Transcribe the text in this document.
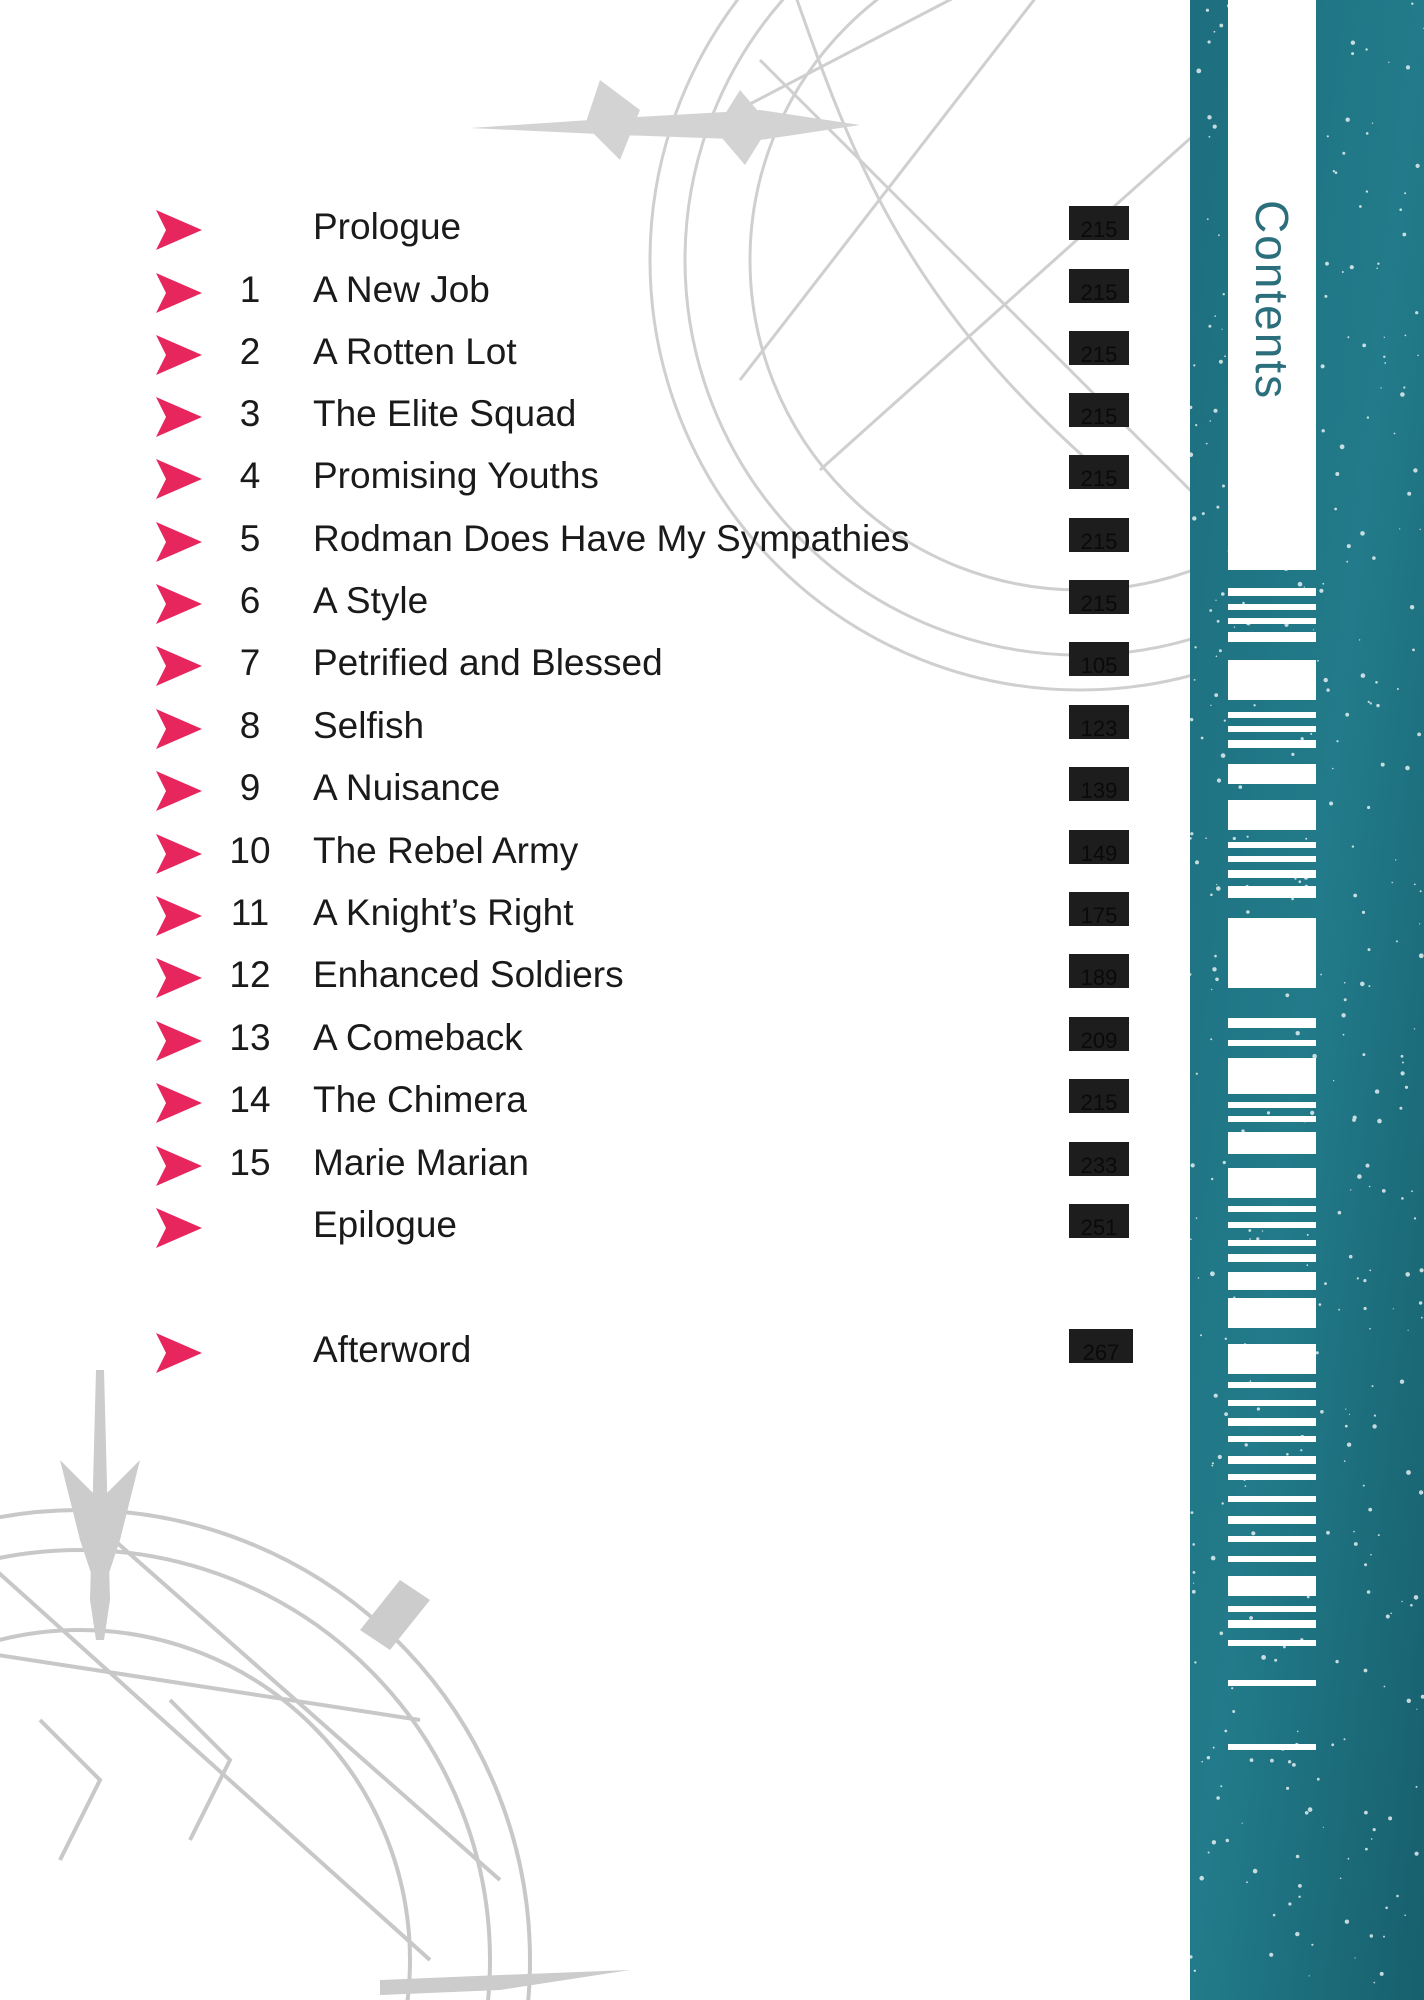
Contents
Prologue	215
1	A New Job	215
2	A Rotten Lot	215
3	The Elite Squad	215
4	Promising Youths	215
5	Rodman Does Have My Sympathies	215
6	A Style	215
7	Petrified and Blessed	105
8	Selfish	123
9	A Nuisance	139
10 The Rebel Army	149
11 A Knight’s Right	175
12 Enhanced Soldiers	189
13 A Comeback	209
14 The Chimera	215
15 Marie Marian	233
Epilogue	251
Afterword	267
